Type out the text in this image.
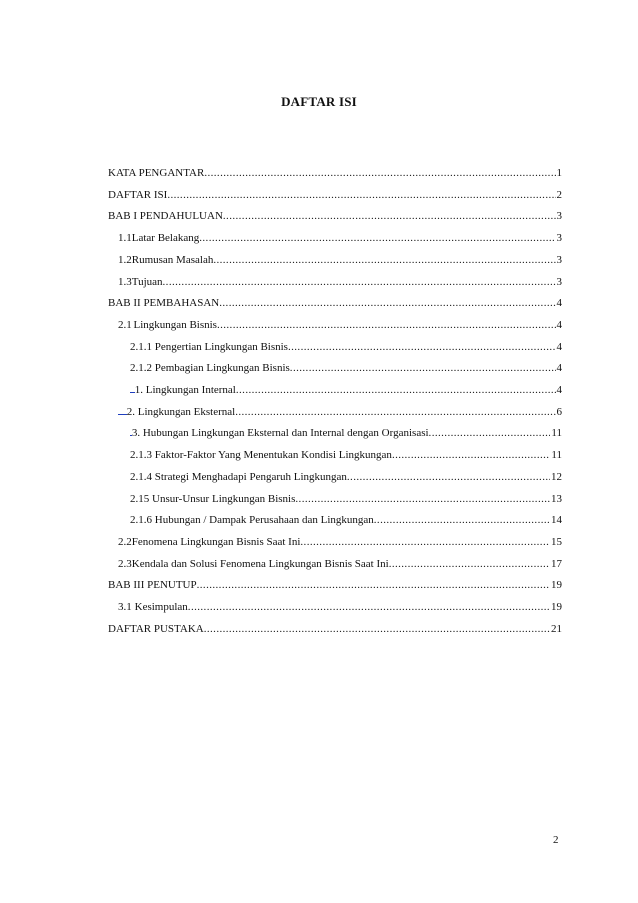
DAFTAR ISI
KATA PENGANTAR .....	1
DAFTAR ISI .....	2
BAB I PENDAHULUAN .....	3
1.1 Latar Belakang .....	3
1.2 Rumusan Masalah .....	3
1.3 Tujuan .....	3
BAB II PEMBAHASAN .....	4
2.1 Lingkungan Bisnis .....	4
2.1.1 Pengertian Lingkungan Bisnis .....	4
2.1.2 Pembagian Lingkungan Bisnis .....	4
1. Lingkungan Internal .....	4
2. Lingkungan Eksternal .....	6
3. Hubungan Lingkungan Eksternal dan Internal dengan Organisasi .....	11
2.1.3 Faktor-Faktor Yang Menentukan Kondisi Lingkungan .....	11
2.1.4 Strategi Menghadapi Pengaruh Lingkungan .....	12
2.15 Unsur-Unsur Lingkungan Bisnis .....	13
2.1.6 Hubungan / Dampak Perusahaan dan Lingkungan .....	14
2.2 Fenomena Lingkungan Bisnis Saat Ini .....	15
2.3 Kendala dan Solusi Fenomena Lingkungan Bisnis Saat Ini .....	17
BAB III PENUTUP .....	19
3.1 Kesimpulan .....	19
DAFTAR PUSTAKA .....	21
2
